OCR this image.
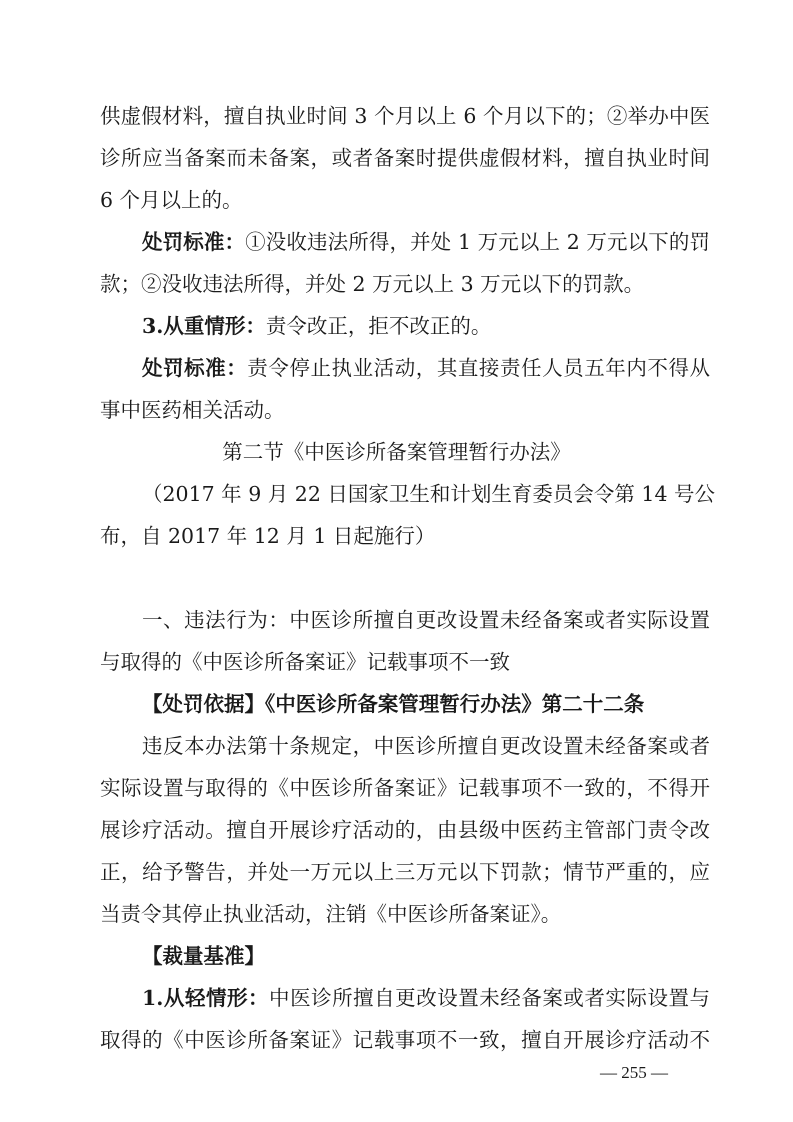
供虚假材料，擅自执业时间 3 个月以上 6 个月以下的；②举办中医
诊所应当备案而未备案，或者备案时提供虚假材料，擅自执业时间
6 个月以上的。
处罚标准：①没收违法所得，并处 1 万元以上 2 万元以下的罚
款；②没收违法所得，并处 2 万元以上 3 万元以下的罚款。
3.从重情形：责令改正，拒不改正的。
处罚标准：责令停止执业活动，其直接责任人员五年内不得从
事中医药相关活动。
第二节《中医诊所备案管理暂行办法》
（2017 年 9 月 22 日国家卫生和计划生育委员会令第 14 号公
布，自 2017 年 12 月 1 日起施行）
一、违法行为：中医诊所擅自更改设置未经备案或者实际设置
与取得的《中医诊所备案证》记载事项不一致
【处罚依据】《中医诊所备案管理暂行办法》第二十二条
违反本办法第十条规定，中医诊所擅自更改设置未经备案或者
实际设置与取得的《中医诊所备案证》记载事项不一致的，不得开
展诊疗活动。擅自开展诊疗活动的，由县级中医药主管部门责令改
正，给予警告，并处一万元以上三万元以下罚款；情节严重的，应
当责令其停止执业活动，注销《中医诊所备案证》。
【裁量基准】
1.从轻情形：中医诊所擅自更改设置未经备案或者实际设置与
取得的《中医诊所备案证》记载事项不一致，擅自开展诊疗活动不
— 255 —
